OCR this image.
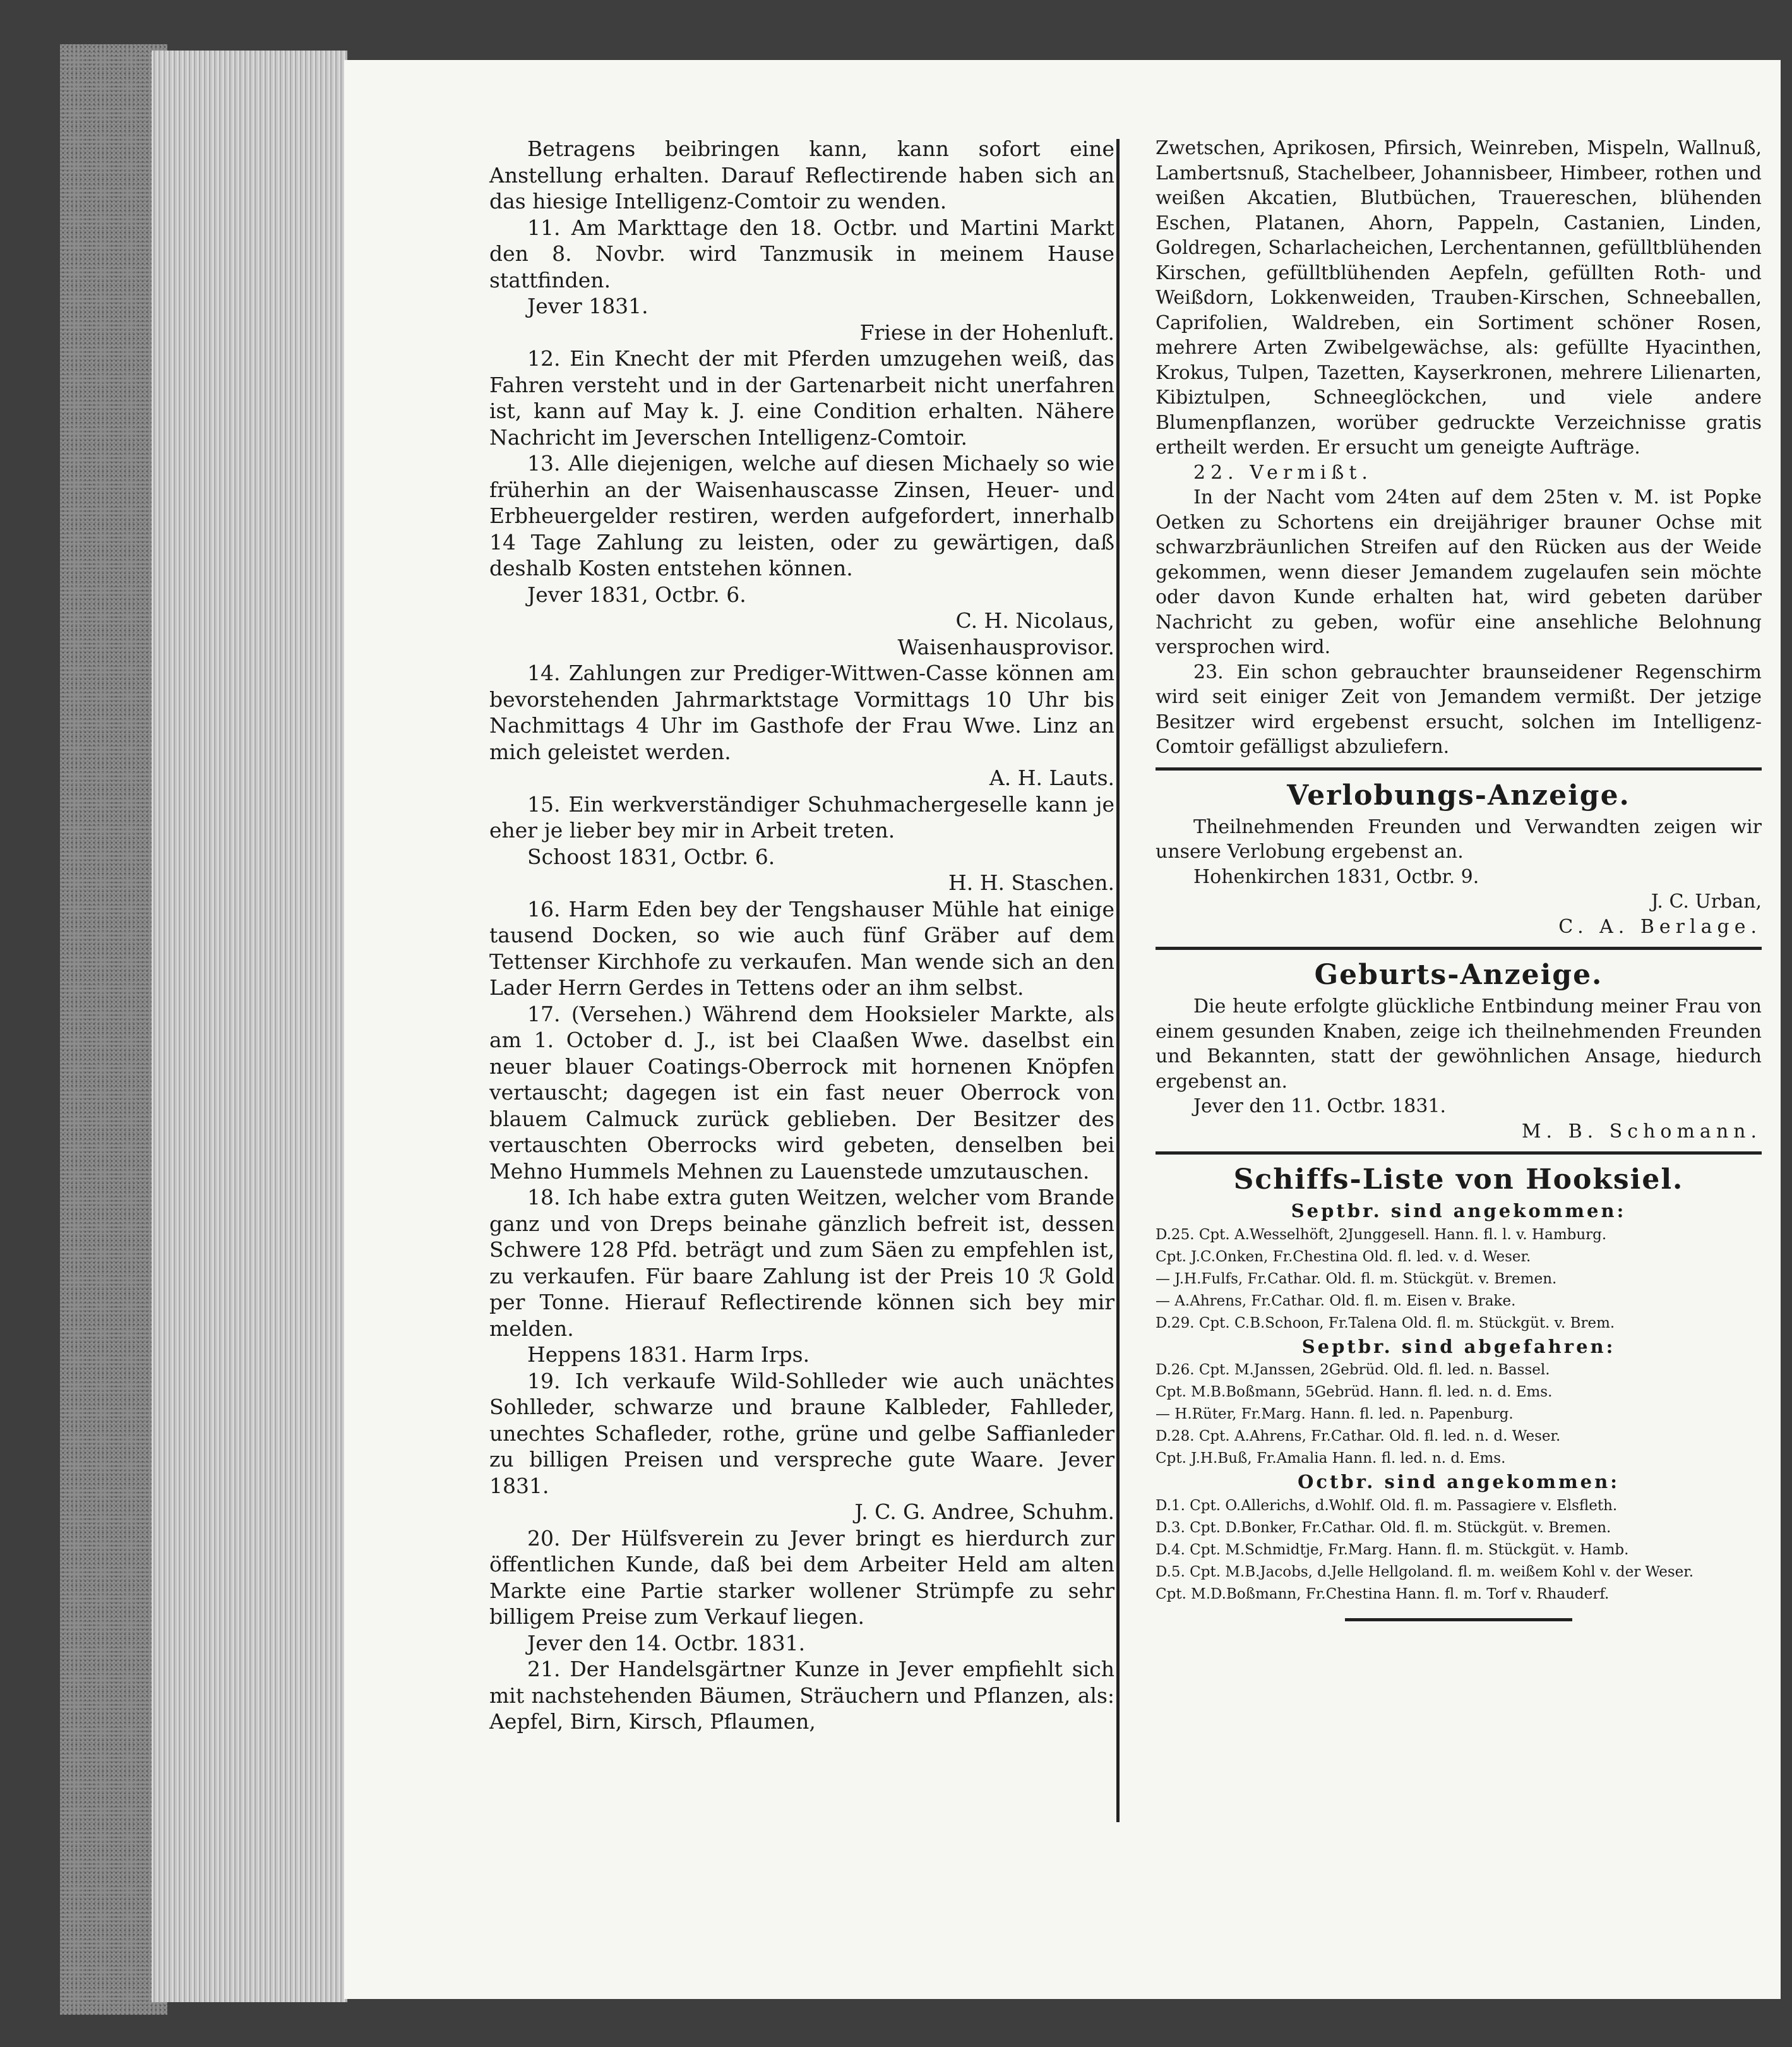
Betragens beibringen kann, kann sofort eine Anstellung erhalten. Darauf Reflectirende haben sich an das hiesige Intelligenz-Comtoir zu wenden.

11. Am Markttage den 18. Octbr. und Martini Markt den 8. Novbr. wird Tanzmusik in meinem Hause stattfinden.

Jever 1831.

Friese in der Hohenluft.

12. Ein Knecht der mit Pferden umzugehen weiß, das Fahren versteht und in der Gartenarbeit nicht unerfahren ist, kann auf May k. J. eine Condition erhalten. Nähere Nachricht im Jeverschen Intelligenz-Comtoir.

13. Alle diejenigen, welche auf diesen Michaely so wie früherhin an der Waisenhauscasse Zinsen, Heuer- und Erbheuergelder restiren, werden aufgefordert, innerhalb 14 Tage Zahlung zu leisten, oder zu gewärtigen, daß deshalb Kosten entstehen können.

Jever 1831, Octbr. 6.

C. H. Nicolaus,

Waisenhausprovisor.

14. Zahlungen zur Prediger-Wittwen-Casse können am bevorstehenden Jahrmarktstage Vormittags 10 Uhr bis Nachmittags 4 Uhr im Gasthofe der Frau Wwe. Linz an mich geleistet werden.

A. H. Lauts.

15. Ein werkverständiger Schuhmachergeselle kann je eher je lieber bey mir in Arbeit treten.

Schoost 1831, Octbr. 6.

H. H. Staschen.

16. Harm Eden bey der Tengshauser Mühle hat einige tausend Docken, so wie auch fünf Gräber auf dem Tettenser Kirchhofe zu verkaufen. Man wende sich an den Lader Herrn Gerdes in Tettens oder an ihm selbst.

17. (Versehen.) Während dem Hooksieler Markte, als am 1. October d. J., ist bei Claaßen Wwe. daselbst ein neuer blauer Coatings-Oberrock mit hornenen Knöpfen vertauscht; dagegen ist ein fast neuer Oberrock von blauem Calmuck zurück geblieben. Der Besitzer des vertauschten Oberrocks wird gebeten, denselben bei Mehno Hummels Mehnen zu Lauenstede umzutauschen.

18. Ich habe extra guten Weitzen, welcher vom Brande ganz und von Dreps beinahe gänzlich befreit ist, dessen Schwere 128 Pfd. beträgt und zum Säen zu empfehlen ist, zu verkaufen. Für baare Zahlung ist der Preis 10 ℛ Gold per Tonne. Hierauf Reflectirende können sich bey mir melden.

Heppens 1831. Harm Irps.

19. Ich verkaufe Wild-Sohlleder wie auch unächtes Sohlleder, schwarze und braune Kalbleder, Fahlleder, unechtes Schafleder, rothe, grüne und gelbe Saffianleder zu billigen Preisen und verspreche gute Waare. Jever 1831.

J. C. G. Andree, Schuhm.

20. Der Hülfsverein zu Jever bringt es hierdurch zur öffentlichen Kunde, daß bei dem Arbeiter Held am alten Markte eine Partie starker wollener Strümpfe zu sehr billigem Preise zum Verkauf liegen.

Jever den 14. Octbr. 1831.

21. Der Handelsgärtner Kunze in Jever empfiehlt sich mit nachstehenden Bäumen, Sträuchern und Pflanzen, als: Aepfel, Birn, Kirsch, Pflaumen,

Zwetschen, Aprikosen, Pfirsich, Weinreben, Mispeln, Wallnuß, Lambertsnuß, Stachelbeer, Johannisbeer, Himbeer, rothen und weißen Akcatien, Blutbüchen, Trauereschen, blühenden Eschen, Platanen, Ahorn, Pappeln, Castanien, Linden, Goldregen, Scharlacheichen, Lerchentannen, gefülltblühenden Kirschen, gefülltblühenden Aepfeln, gefüllten Roth- und Weißdorn, Lokkenweiden, Trauben-Kirschen, Schneeballen, Caprifolien, Waldreben, ein Sortiment schöner Rosen, mehrere Arten Zwibelgewächse, als: gefüllte Hyacinthen, Krokus, Tulpen, Tazetten, Kayserkronen, mehrere Lilienarten, Kibiztulpen, Schneeglöckchen, und viele andere Blumenpflanzen, worüber gedruckte Verzeichnisse gratis ertheilt werden. Er ersucht um geneigte Aufträge.

22. Vermißt.

In der Nacht vom 24ten auf dem 25ten v. M. ist Popke Oetken zu Schortens ein dreijähriger brauner Ochse mit schwarzbräunlichen Streifen auf den Rücken aus der Weide gekommen, wenn dieser Jemandem zugelaufen sein möchte oder davon Kunde erhalten hat, wird gebeten darüber Nachricht zu geben, wofür eine ansehliche Belohnung versprochen wird.

23. Ein schon gebrauchter braunseidener Regenschirm wird seit einiger Zeit von Jemandem vermißt. Der jetzige Besitzer wird ergebenst ersucht, solchen im Intelligenz-Comtoir gefälligst abzuliefern.

Verlobungs-Anzeige.

Theilnehmenden Freunden und Verwandten zeigen wir unsere Verlobung ergebenst an.

Hohenkirchen 1831, Octbr. 9.

J. C. Urban,

C. A. Berlage.

Geburts-Anzeige.

Die heute erfolgte glückliche Entbindung meiner Frau von einem gesunden Knaben, zeige ich theilnehmenden Freunden und Bekannten, statt der gewöhnlichen Ansage, hiedurch ergebenst an.

Jever den 11. Octbr. 1831.

M. B. Schomann.

Schiffs-Liste von Hooksiel.
Septbr. sind angekommen:
D.25. Cpt. A.Wesselhöft, 2Junggesell. Hann. fl. l. v. Hamburg.
Cpt. J.C.Onken, Fr.Chestina Old. fl. led. v. d. Weser.
— J.H.Fulfs, Fr.Cathar. Old. fl. m. Stückgüt. v. Bremen.
— A.Ahrens, Fr.Cathar. Old. fl. m. Eisen v. Brake.
D.29. Cpt. C.B.Schoon, Fr.Talena Old. fl. m. Stückgüt. v. Brem.
Septbr. sind abgefahren:
D.26. Cpt. M.Janssen, 2Gebrüd. Old. fl. led. n. Bassel.
Cpt. M.B.Boßmann, 5Gebrüd. Hann. fl. led. n. d. Ems.
— H.Rüter, Fr.Marg. Hann. fl. led. n. Papenburg.
D.28. Cpt. A.Ahrens, Fr.Cathar. Old. fl. led. n. d. Weser.
Cpt. J.H.Buß, Fr.Amalia Hann. fl. led. n. d. Ems.
Octbr. sind angekommen:
D.1. Cpt. O.Allerichs, d.Wohlf. Old. fl. m. Passagiere v. Elsfleth.
D.3. Cpt. D.Bonker, Fr.Cathar. Old. fl. m. Stückgüt. v. Bremen.
D.4. Cpt. M.Schmidtje, Fr.Marg. Hann. fl. m. Stückgüt. v. Hamb.
D.5. Cpt. M.B.Jacobs, d.Jelle Hellgoland. fl. m. weißem Kohl v. der Weser.
Cpt. M.D.Boßmann, Fr.Chestina Hann. fl. m. Torf v. Rhauderf.
